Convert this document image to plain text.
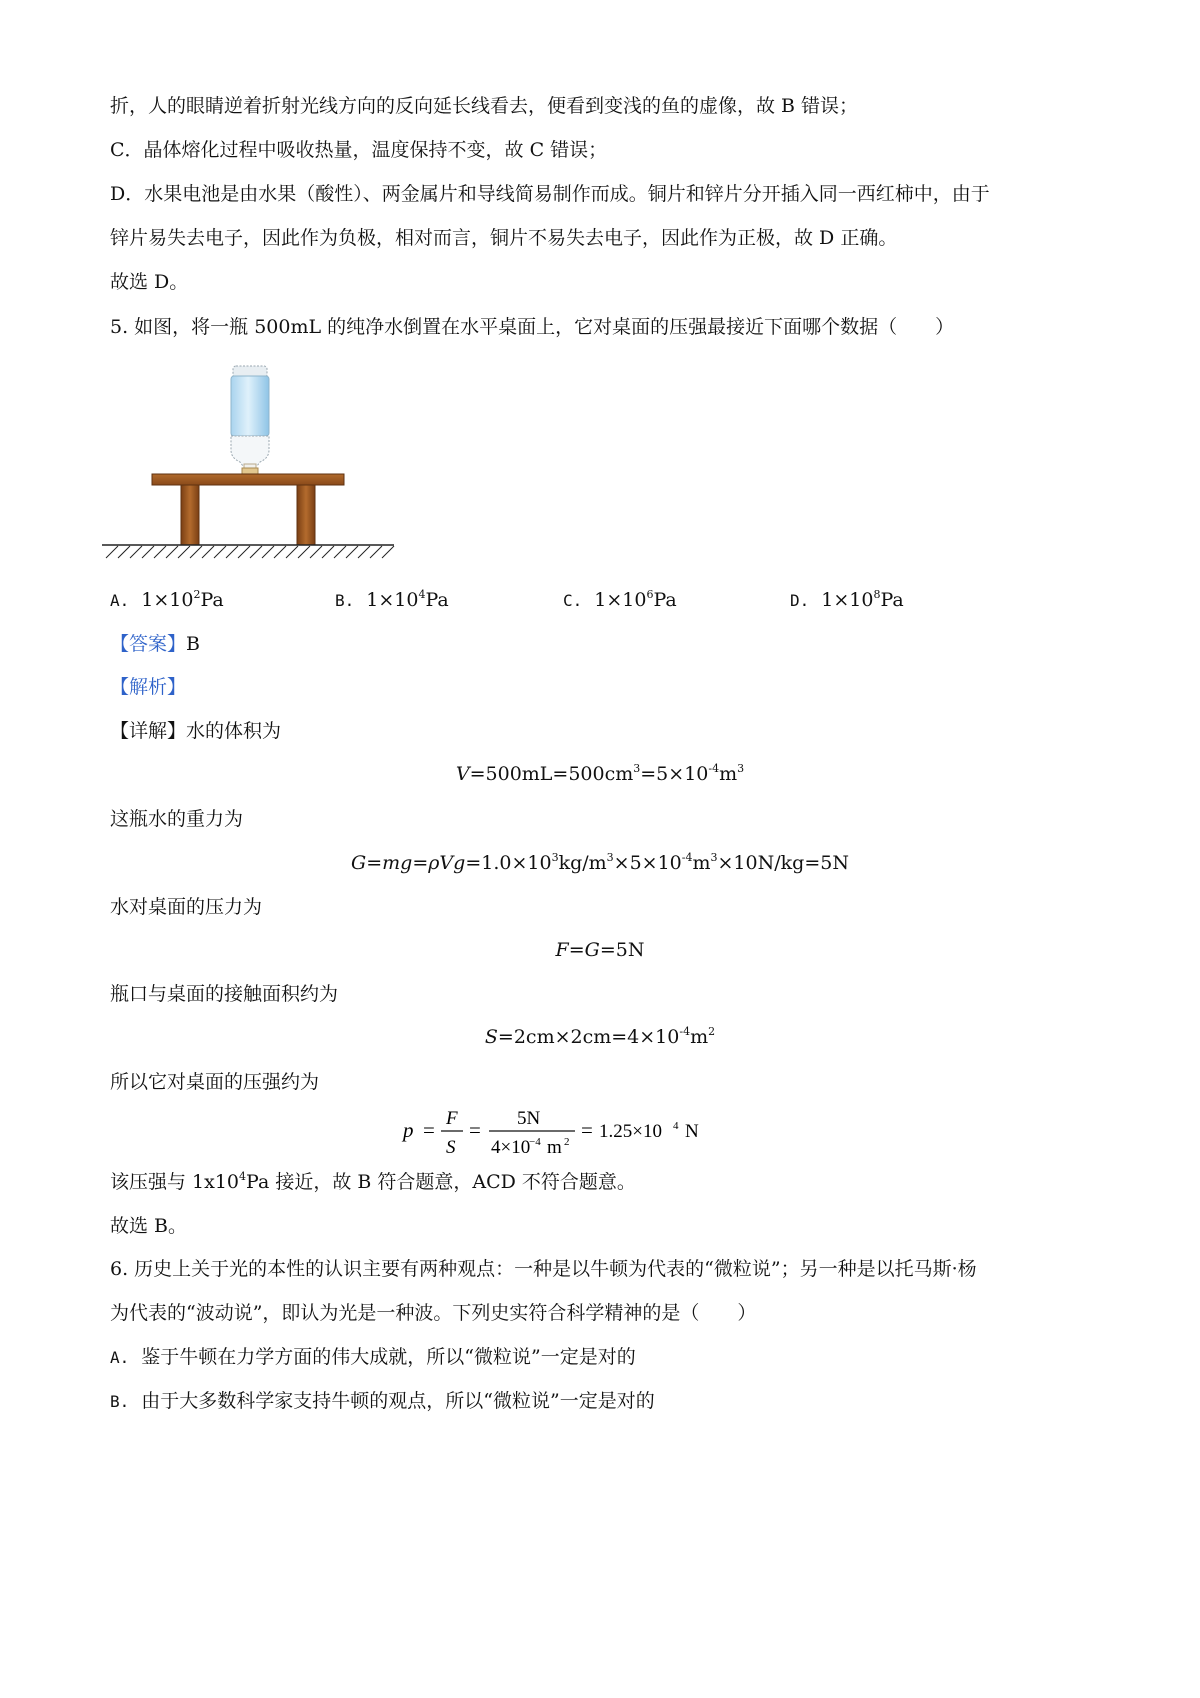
折，人的眼睛逆着折射光线方向的反向延长线看去，便看到变浅的鱼的虚像，故 B 错误；
C．晶体熔化过程中吸收热量，温度保持不变，故 C 错误；
D．水果电池是由水果（酸性）、两金属片和导线简易制作而成。铜片和锌片分开插入同一西红柿中，由于
锌片易失去电子，因此作为负极，相对而言，铜片不易失去电子，因此作为正极，故 D 正确。
故选 D。
5. 如图，将一瓶 500mL 的纯净水倒置在水平桌面上，它对桌面的压强最接近下面哪个数据（　　）
A. $1\times 10^2Pa$	B. $1\times 10^4Pa$	C. $1\times 10^6Pa$	D. $1\times 10^8Pa$
【答案】B
【解析】
【详解】水的体积为
$V=500mL=500cm^3=5\times 10^{-4}m^3$
这瓶水的重力为
$G=mg=\rho Vg=1.0\times 10^3kg/m^3\times 5\times 10^{-4}m^3\times 10N/kg=5N$
水对桌面的压力为
F=G=5N
瓶口与桌面的接触面积约为
$S=2cm\times 2cm=4\times 10^{-4}m^2$
所以它对桌面的压强约为
p = F
S
= 5N
4×10
−4 m 2 = 1.25×10 4 N
该压强与 $1x10^4Pa$ 接近，故 B 符合题意，ACD 不符合题意。
故选 B。
6. 历史上关于光的本性的认识主要有两种观点：一种是以牛顿为代表的“微粒说”；另一种是以托马斯·杨
为代表的“波动说”，即认为光是一种波。下列史实符合科学精神的是（　　）
A. 鉴于牛顿在力学方面的伟大成就，所以“微粒说”一定是对的
B. 由于大多数科学家支持牛顿的观点，所以“微粒说”一定是对的
